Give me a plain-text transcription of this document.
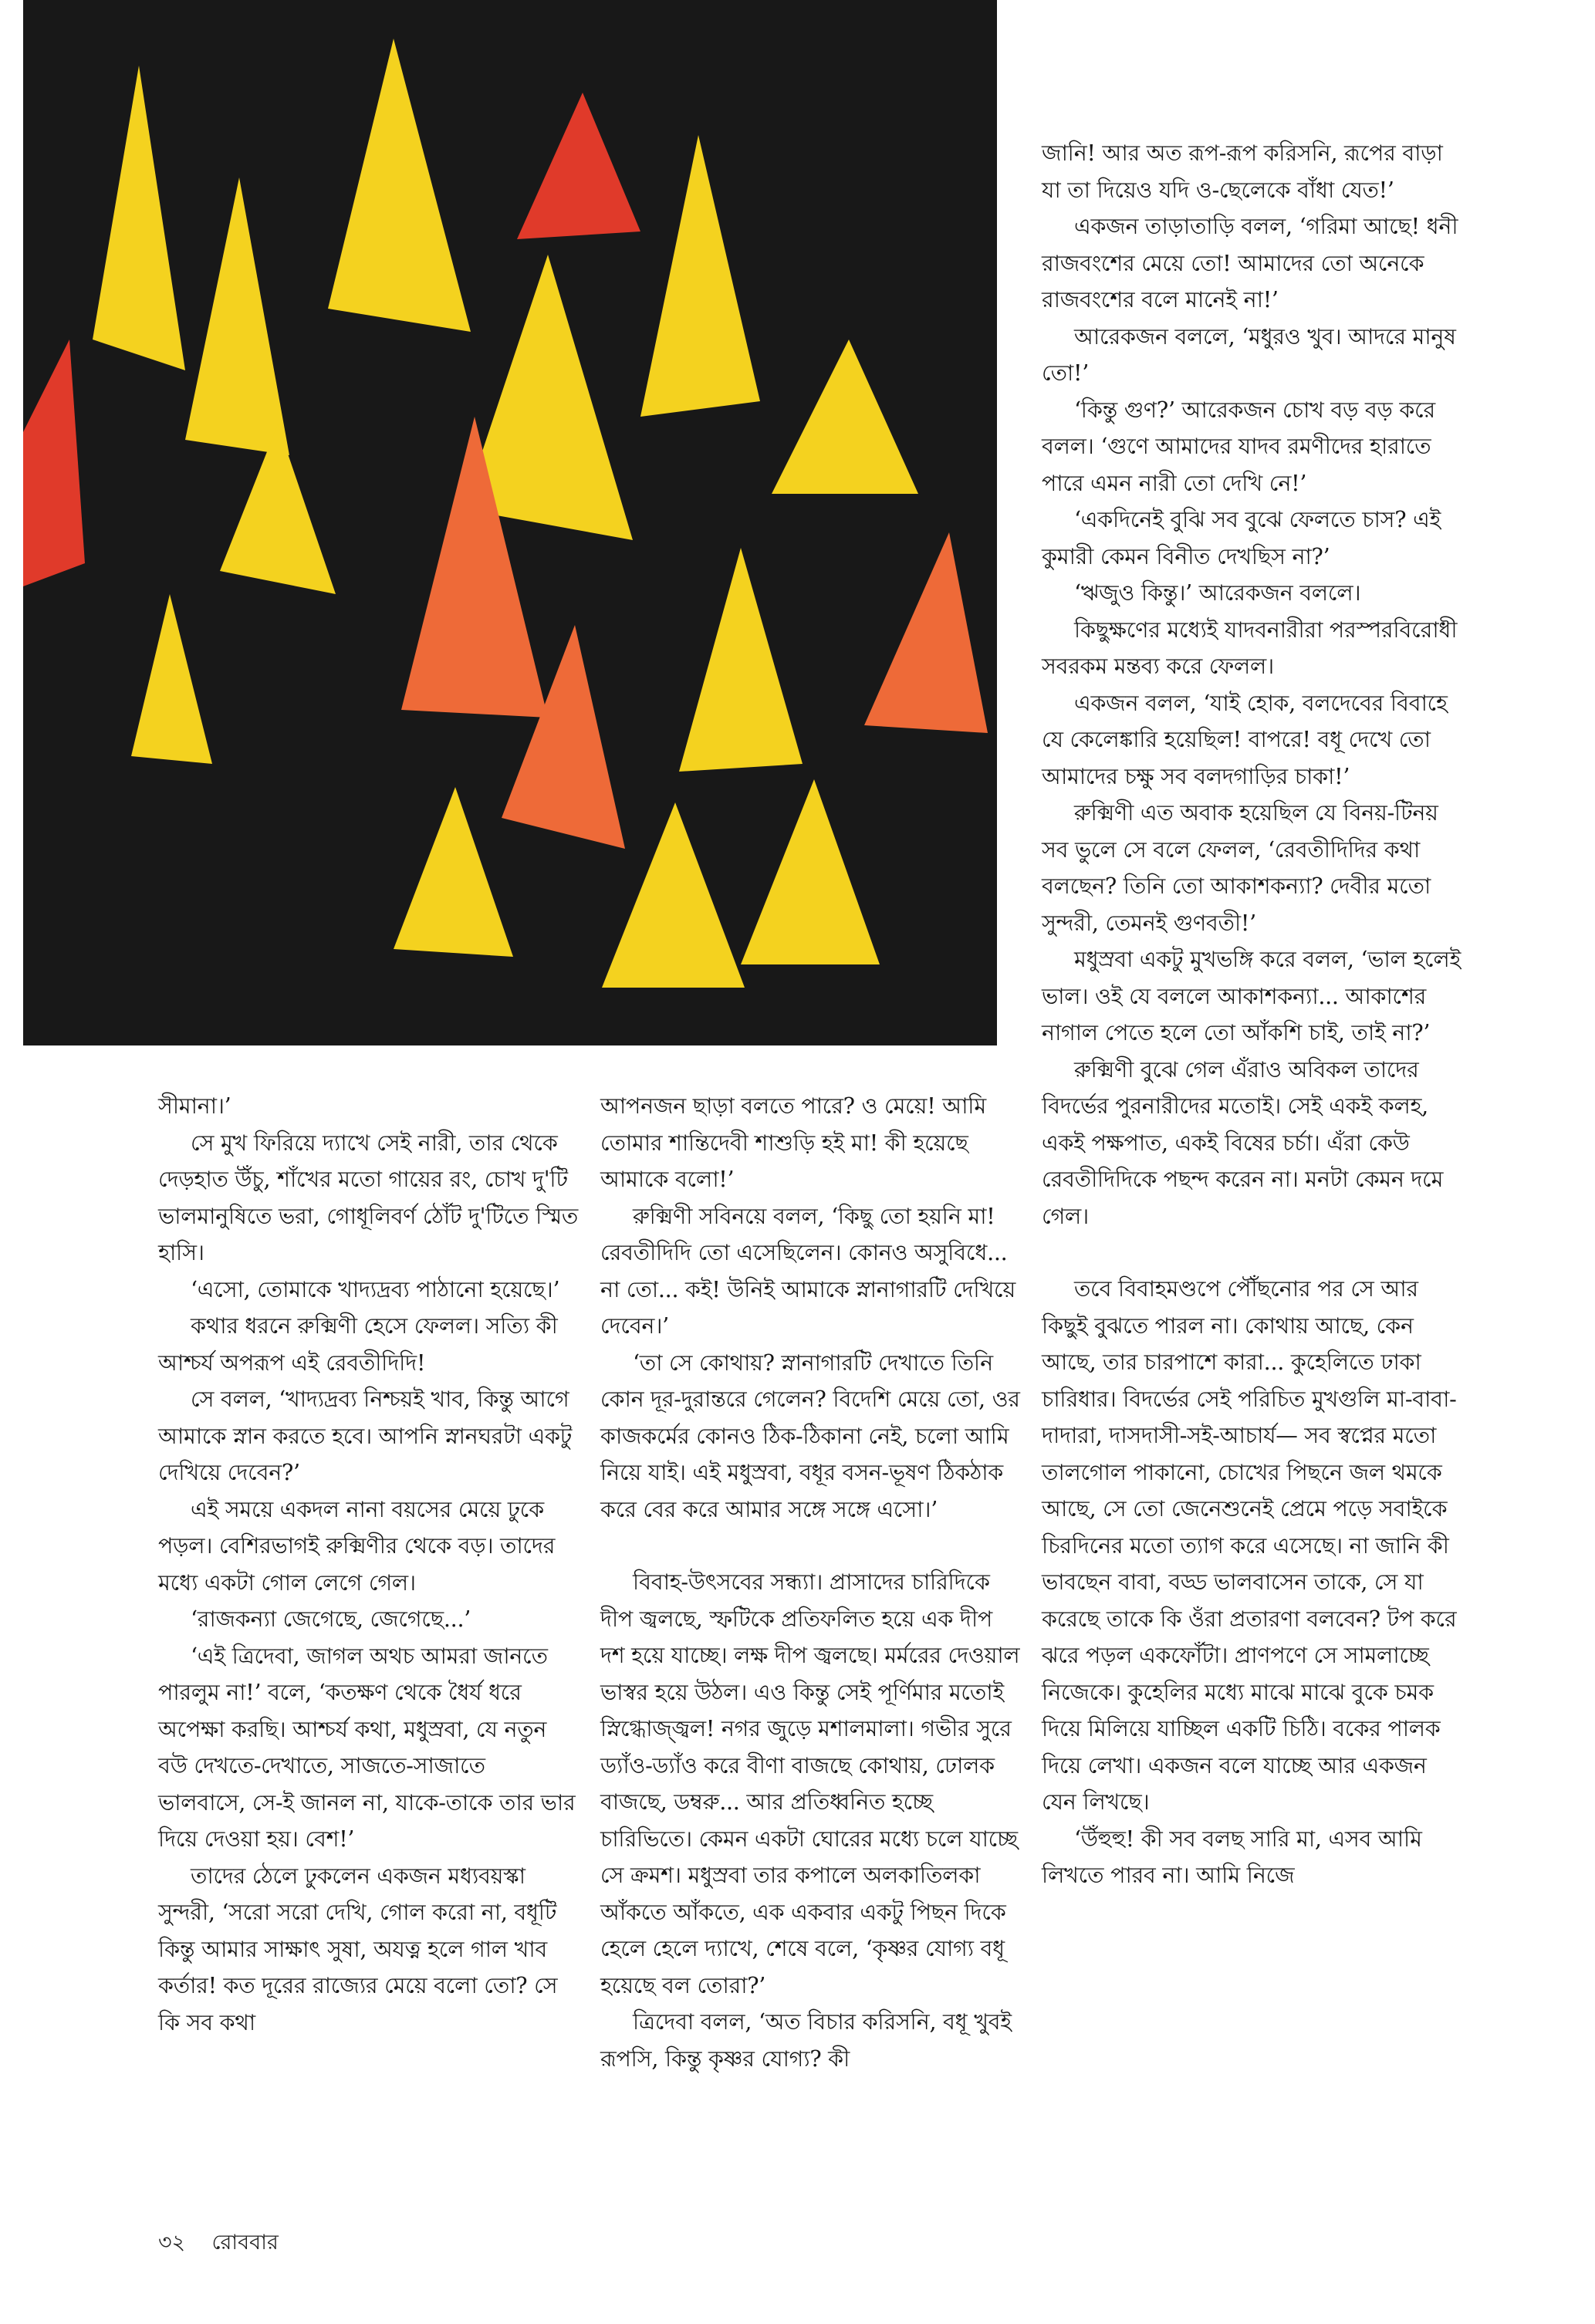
সীমানা।’

সে মুখ ফিরিয়ে দ্যাখে সেই নারী, তার থেকে দেড়হাত উঁচু, শাঁখের মতো গায়ের রং, চোখ দু'টি ভালমানুষিতে ভরা, গোধূলিবর্ণ ঠোঁট দু'টিতে স্মিত হাসি।

‘এসো, তোমাকে খাদ্যদ্রব্য পাঠানো হয়েছে।’

কথার ধরনে রুক্মিণী হেসে ফেলল। সত্যি কী আশ্চর্য অপরূপ এই রেবতীদিদি!

সে বলল, ‘খাদ্যদ্রব্য নিশ্চয়ই খাব, কিন্তু আগে আমাকে স্নান করতে হবে। আপনি স্নানঘরটা একটু দেখিয়ে দেবেন?’

এই সময়ে একদল নানা বয়সের মেয়ে ঢুকে পড়ল। বেশিরভাগই রুক্মিণীর থেকে বড়। তাদের মধ্যে একটা গোল লেগে গেল।

‘রাজকন্যা জেগেছে, জেগেছে...’

‘এই ত্রিদেবা, জাগল অথচ আমরা জানতে পারলুম না!’ বলে, ‘কতক্ষণ থেকে ধৈর্য ধরে অপেক্ষা করছি। আশ্চর্য কথা, মধুস্রবা, যে নতুন বউ দেখতে-দেখাতে, সাজতে-সাজাতে ভালবাসে, সে-ই জানল না, যাকে-তাকে তার ভার দিয়ে দেওয়া হয়। বেশ!’

তাদের ঠেলে ঢুকলেন একজন মধ্যবয়স্কা সুন্দরী, ‘সরো সরো দেখি, গোল করো না, বধূটি কিন্তু আমার সাক্ষাৎ সুষা, অযত্ন হলে গাল খাব কর্তার! কত দূরের রাজ্যের মেয়ে বলো তো? সে কি সব কথা

আপনজন ছাড়া বলতে পারে? ও মেয়ে! আমি তোমার শান্তিদেবী শাশুড়ি হই মা! কী হয়েছে আমাকে বলো!’

রুক্মিণী সবিনয়ে বলল, ‘কিছু তো হয়নি মা! রেবতীদিদি তো এসেছিলেন। কোনও অসুবিধে... না তো... কই! উনিই আমাকে স্নানাগারটি দেখিয়ে দেবেন।’

‘তা সে কোথায়? স্নানাগারটি দেখাতে তিনি কোন দূর-দুরান্তরে গেলেন? বিদেশি মেয়ে তো, ওর কাজকর্মের কোনও ঠিক-ঠিকানা নেই, চলো আমি নিয়ে যাই। এই মধুস্রবা, বধূর বসন-ভূষণ ঠিকঠাক করে বের করে আমার সঙ্গে সঙ্গে এসো।’

বিবাহ-উৎসবের সন্ধ্যা। প্রাসাদের চারিদিকে দীপ জ্বলছে, স্ফটিকে প্রতিফলিত হয়ে এক দীপ দশ হয়ে যাচ্ছে। লক্ষ দীপ জ্বলছে। মর্মরের দেওয়াল ভাস্বর হয়ে উঠল। এও কিন্তু সেই পূর্ণিমার মতোই স্নিগ্ধোজ্জ্বল! নগর জুড়ে মশালমালা। গভীর সুরে ড্যাঁও-ড্যাঁও করে বীণা বাজছে কোথায়, ঢোলক বাজছে, ডম্বরু... আর প্রতিধ্বনিত হচ্ছে চারিভিতে। কেমন একটা ঘোরের মধ্যে চলে যাচ্ছে সে ক্রমশ। মধুস্রবা তার কপালে অলকাতিলকা আঁকতে আঁকতে, এক একবার একটু পিছন দিকে হেলে হেলে দ্যাখে, শেষে বলে, ‘কৃষ্ণর যোগ্য বধূ হয়েছে বল তোরা?’

ত্রিদেবা বলল, ‘অত বিচার করিসনি, বধূ খুবই রূপসি, কিন্তু কৃষ্ণর যোগ্য? কী

জানি! আর অত রূপ-রূপ করিসনি, রূপের বাড়া যা তা দিয়েও যদি ও-ছেলেকে বাঁধা যেত!’

একজন তাড়াতাড়ি বলল, ‘গরিমা আছে! ধনী রাজবংশের মেয়ে তো! আমাদের তো অনেকে রাজবংশের বলে মানেই না!’

আরেকজন বললে, ‘মধুরও খুব। আদরে মানুষ তো!’

‘কিন্তু গুণ?’ আরেকজন চোখ বড় বড় করে বলল। ‘গুণে আমাদের যাদব রমণীদের হারাতে পারে এমন নারী তো দেখি নে!’

‘একদিনেই বুঝি সব বুঝে ফেলতে চাস? এই কুমারী কেমন বিনীত দেখছিস না?’

‘ঋজুও কিন্তু।’ আরেকজন বললে।

কিছুক্ষণের মধ্যেই যাদবনারীরা পরস্পরবিরোধী সবরকম মন্তব্য করে ফেলল।

একজন বলল, ‘যাই হোক, বলদেবের বিবাহে যে কেলেঙ্কারি হয়েছিল! বাপরে! বধূ দেখে তো আমাদের চক্ষু সব বলদগাড়ির চাকা!’

রুক্মিণী এত অবাক হয়েছিল যে বিনয়-টিনয় সব ভুলে সে বলে ফেলল, ‘রেবতীদিদির কথা বলছেন? তিনি তো আকাশকন্যা? দেবীর মতো সুন্দরী, তেমনই গুণবতী!’

মধুস্রবা একটু মুখভঙ্গি করে বলল, ‘ভাল হলেই ভাল। ওই যে বললে আকাশকন্যা... আকাশের নাগাল পেতে হলে তো আঁকশি চাই, তাই না?’

রুক্মিণী বুঝে গেল এঁরাও অবিকল তাদের বিদর্ভের পুরনারীদের মতোই। সেই একই কলহ, একই পক্ষপাত, একই বিষের চর্চা। এঁরা কেউ রেবতীদিদিকে পছন্দ করেন না। মনটা কেমন দমে গেল।

তবে বিবাহমণ্ডপে পৌঁছনোর পর সে আর কিছুই বুঝতে পারল না। কোথায় আছে, কেন আছে, তার চারপাশে কারা... কুহেলিতে ঢাকা চারিধার। বিদর্ভের সেই পরিচিত মুখগুলি মা-বাবা-দাদারা, দাসদাসী-সই-আচার্য— সব স্বপ্নের মতো তালগোল পাকানো, চোখের পিছনে জল থমকে আছে, সে তো জেনেশুনেই প্রেমে পড়ে সবাইকে চিরদিনের মতো ত্যাগ করে এসেছে। না জানি কী ভাবছেন বাবা, বড্ড ভালবাসেন তাকে, সে যা করেছে তাকে কি ওঁরা প্রতারণা বলবেন? টপ করে ঝরে পড়ল একফোঁটা। প্রাণপণে সে সামলাচ্ছে নিজেকে। কুহেলির মধ্যে মাঝে মাঝে বুকে চমক দিয়ে মিলিয়ে যাচ্ছিল একটি চিঠি। বকের পালক দিয়ে লেখা। একজন বলে যাচ্ছে আর একজন যেন লিখছে।

‘উঁহুহু! কী সব বলছ সারি মা, এসব আমি লিখতে পারব না। আমি নিজে

৩২ রোববার
